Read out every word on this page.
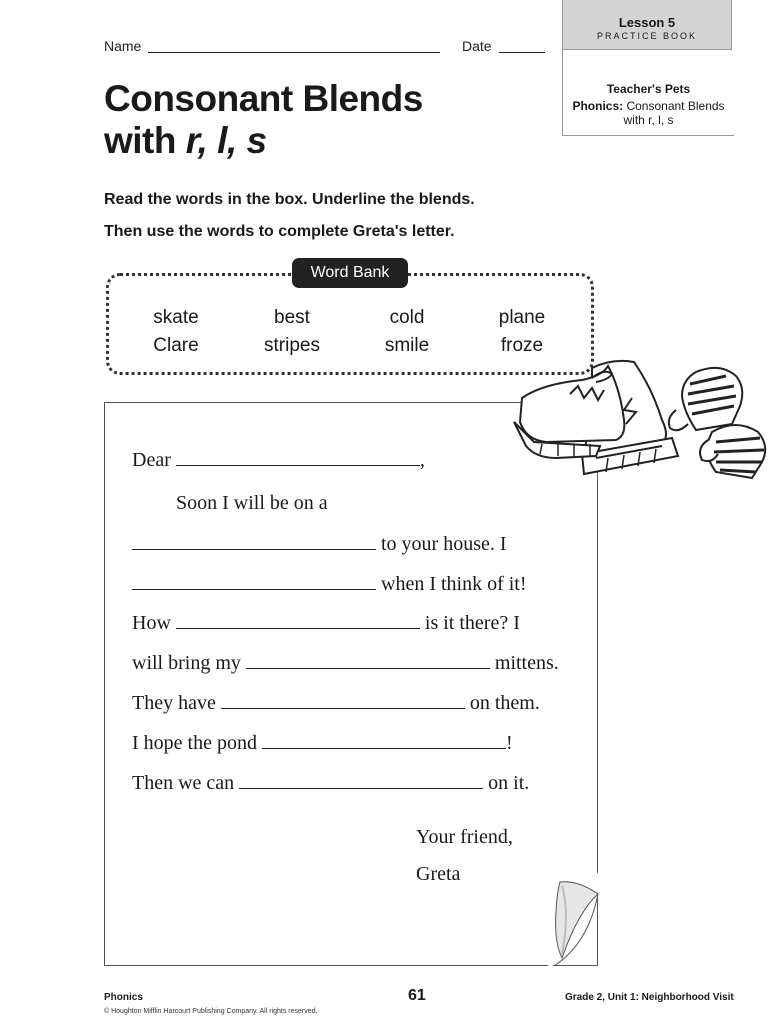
Name	Date
Lesson 5
PRACTICE BOOK
Teacher's Pets
Phonics: Consonant Blends
with r, l, s
Consonant Blends
with r, l, s
Read the words in the box. Underline the blends.
Then use the words to complete Greta's letter.
Word Bank
skate	best	cold	plane
Clare	stripes	smile	froze
Dear	,
Soon I will be on a
to your house. I
when I think of it!
How	is it there? I
will bring my	mittens.
They have	on them.
I hope the pond	!
Then we can	on it.
Your friend,
Greta
Phonics
© Houghton Mifflin Harcourt Publishing Company. All rights reserved.
61	Grade 2, Unit 1: Neighborhood Visit
